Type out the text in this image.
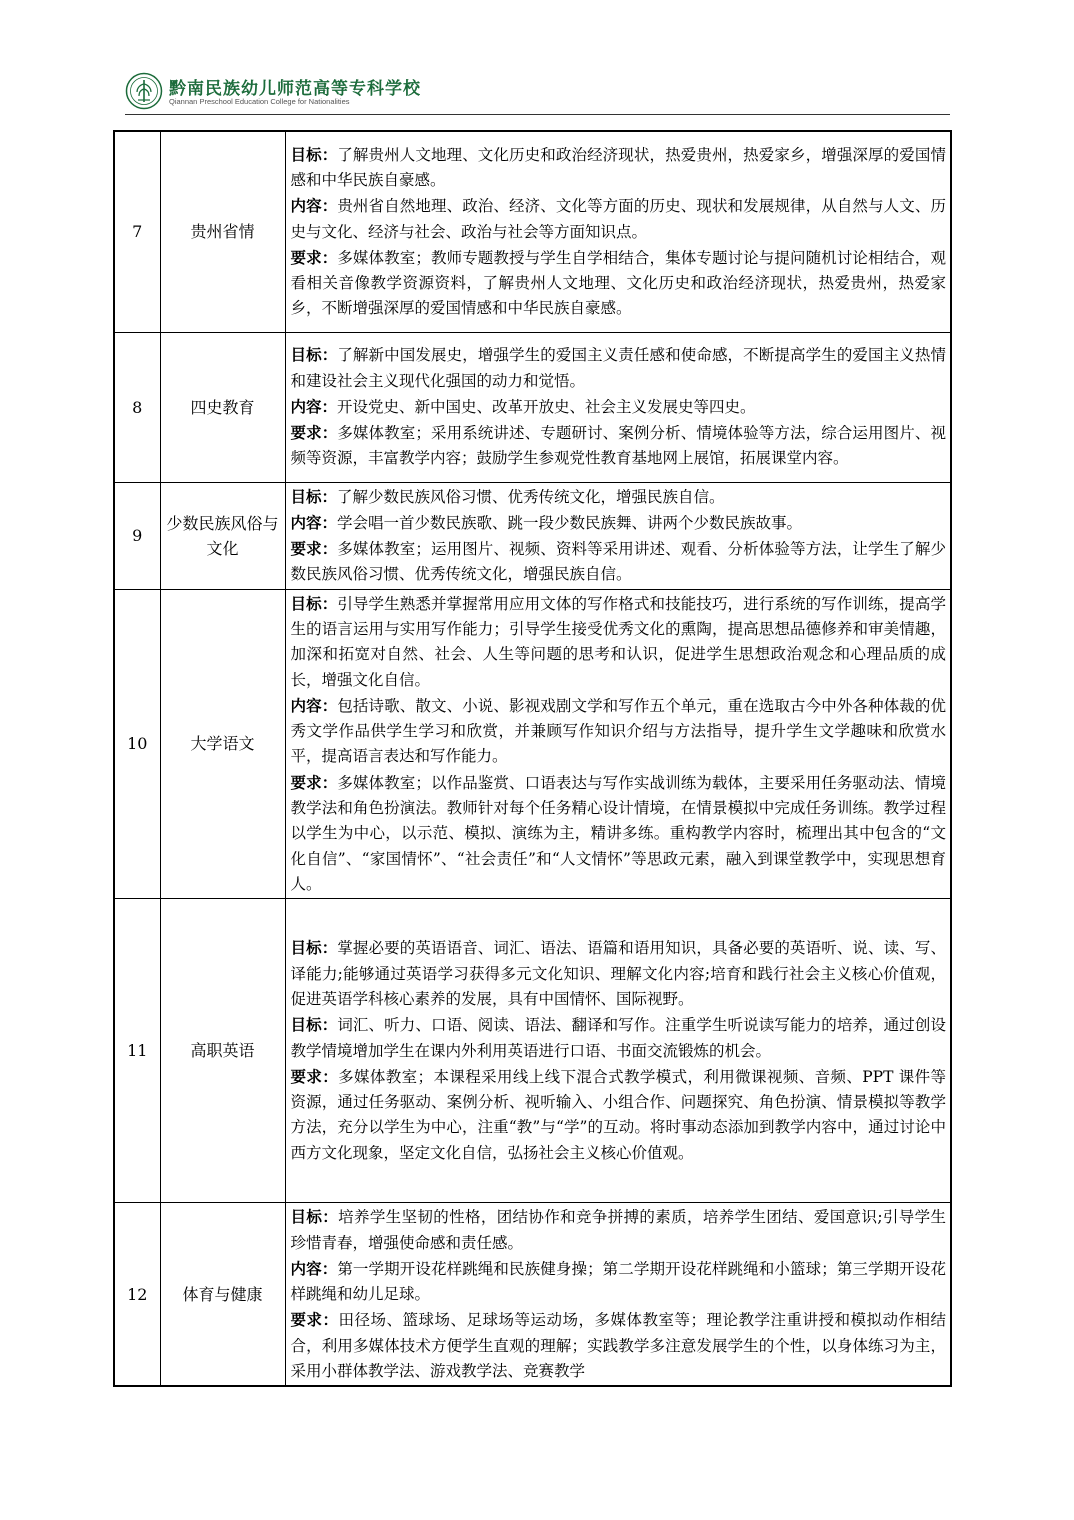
黔南民族幼儿师范高等专科学校
Qiannan Preschool Education College for Nationalities
7	贵州省情	目标：了解贵州人文地理、文化历史和政治经济现状，热爱贵州，热爱家乡，增强深厚的爱国情感和中华民族自豪感。

内容：贵州省自然地理、政治、经济、文化等方面的历史、现状和发展规律，从自然与人文、历史与文化、经济与社会、政治与社会等方面知识点。

要求：多媒体教室；教师专题教授与学生自学相结合，集体专题讨论与提问随机讨论相结合，观看相关音像教学资源资料，了解贵州人文地理、文化历史和政治经济现状，热爱贵州，热爱家乡，不断增强深厚的爱国情感和中华民族自豪感。

8	四史教育	目标：了解新中国发展史，增强学生的爱国主义责任感和使命感，不断提高学生的爱国主义热情和建设社会主义现代化强国的动力和觉悟。

内容：开设党史、新中国史、改革开放史、社会主义发展史等四史。

要求：多媒体教室；采用系统讲述、专题研讨、案例分析、情境体验等方法，综合运用图片、视频等资源，丰富教学内容；鼓励学生参观党性教育基地网上展馆，拓展课堂内容。

9	少数民族风俗与文化	目标：了解少数民族风俗习惯、优秀传统文化，增强民族自信。

内容：学会唱一首少数民族歌、跳一段少数民族舞、讲两个少数民族故事。

要求：多媒体教室；运用图片、视频、资料等采用讲述、观看、分析体验等方法，让学生了解少数民族风俗习惯、优秀传统文化，增强民族自信。

10	大学语文	目标：引导学生熟悉并掌握常用应用文体的写作格式和技能技巧，进行系统的写作训练，提高学生的语言运用与实用写作能力；引导学生接受优秀文化的熏陶，提高思想品德修养和审美情趣，加深和拓宽对自然、社会、人生等问题的思考和认识，促进学生思想政治观念和心理品质的成长，增强文化自信。

内容：包括诗歌、散文、小说、影视戏剧文学和写作五个单元，重在选取古今中外各种体裁的优秀文学作品供学生学习和欣赏，并兼顾写作知识介绍与方法指导，提升学生文学趣味和欣赏水平，提高语言表达和写作能力。

要求：多媒体教室；以作品鉴赏、口语表达与写作实战训练为载体，主要采用任务驱动法、情境教学法和角色扮演法。教师针对每个任务精心设计情境，在情景模拟中完成任务训练。教学过程以学生为中心，以示范、模拟、演练为主，精讲多练。重构教学内容时，梳理出其中包含的“文化自信”、“家国情怀”、“社会责任”和“人文情怀”等思政元素，融入到课堂教学中，实现思想育人。

11	高职英语	目标：掌握必要的英语语音、词汇、语法、语篇和语用知识，具备必要的英语听、说、读、写、译能力;能够通过英语学习获得多元文化知识、理解文化内容;培育和践行社会主义核心价值观，促进英语学科核心素养的发展，具有中国情怀、国际视野。

目标：词汇、听力、口语、阅读、语法、翻译和写作。注重学生听说读写能力的培养，通过创设教学情境增加学生在课内外利用英语进行口语、书面交流锻炼的机会。

要求：多媒体教室；本课程采用线上线下混合式教学模式，利用微课视频、音频、PPT 课件等资源，通过任务驱动、案例分析、视听输入、小组合作、问题探究、角色扮演、情景模拟等教学方法，充分以学生为中心，注重“教”与“学”的互动。将时事动态添加到教学内容中，通过讨论中西方文化现象，坚定文化自信，弘扬社会主义核心价值观。

12	体育与健康	目标：培养学生坚韧的性格，团结协作和竞争拼搏的素质，培养学生团结、爱国意识;引导学生珍惜青春，增强使命感和责任感。

内容：第一学期开设花样跳绳和民族健身操；第二学期开设花样跳绳和小篮球；第三学期开设花样跳绳和幼儿足球。

要求：田径场、篮球场、足球场等运动场，多媒体教室等；理论教学注重讲授和模拟动作相结合，利用多媒体技术方便学生直观的理解；实践教学多注意发展学生的个性，以身体练习为主，采用小群体教学法、游戏教学法、竞赛教学
